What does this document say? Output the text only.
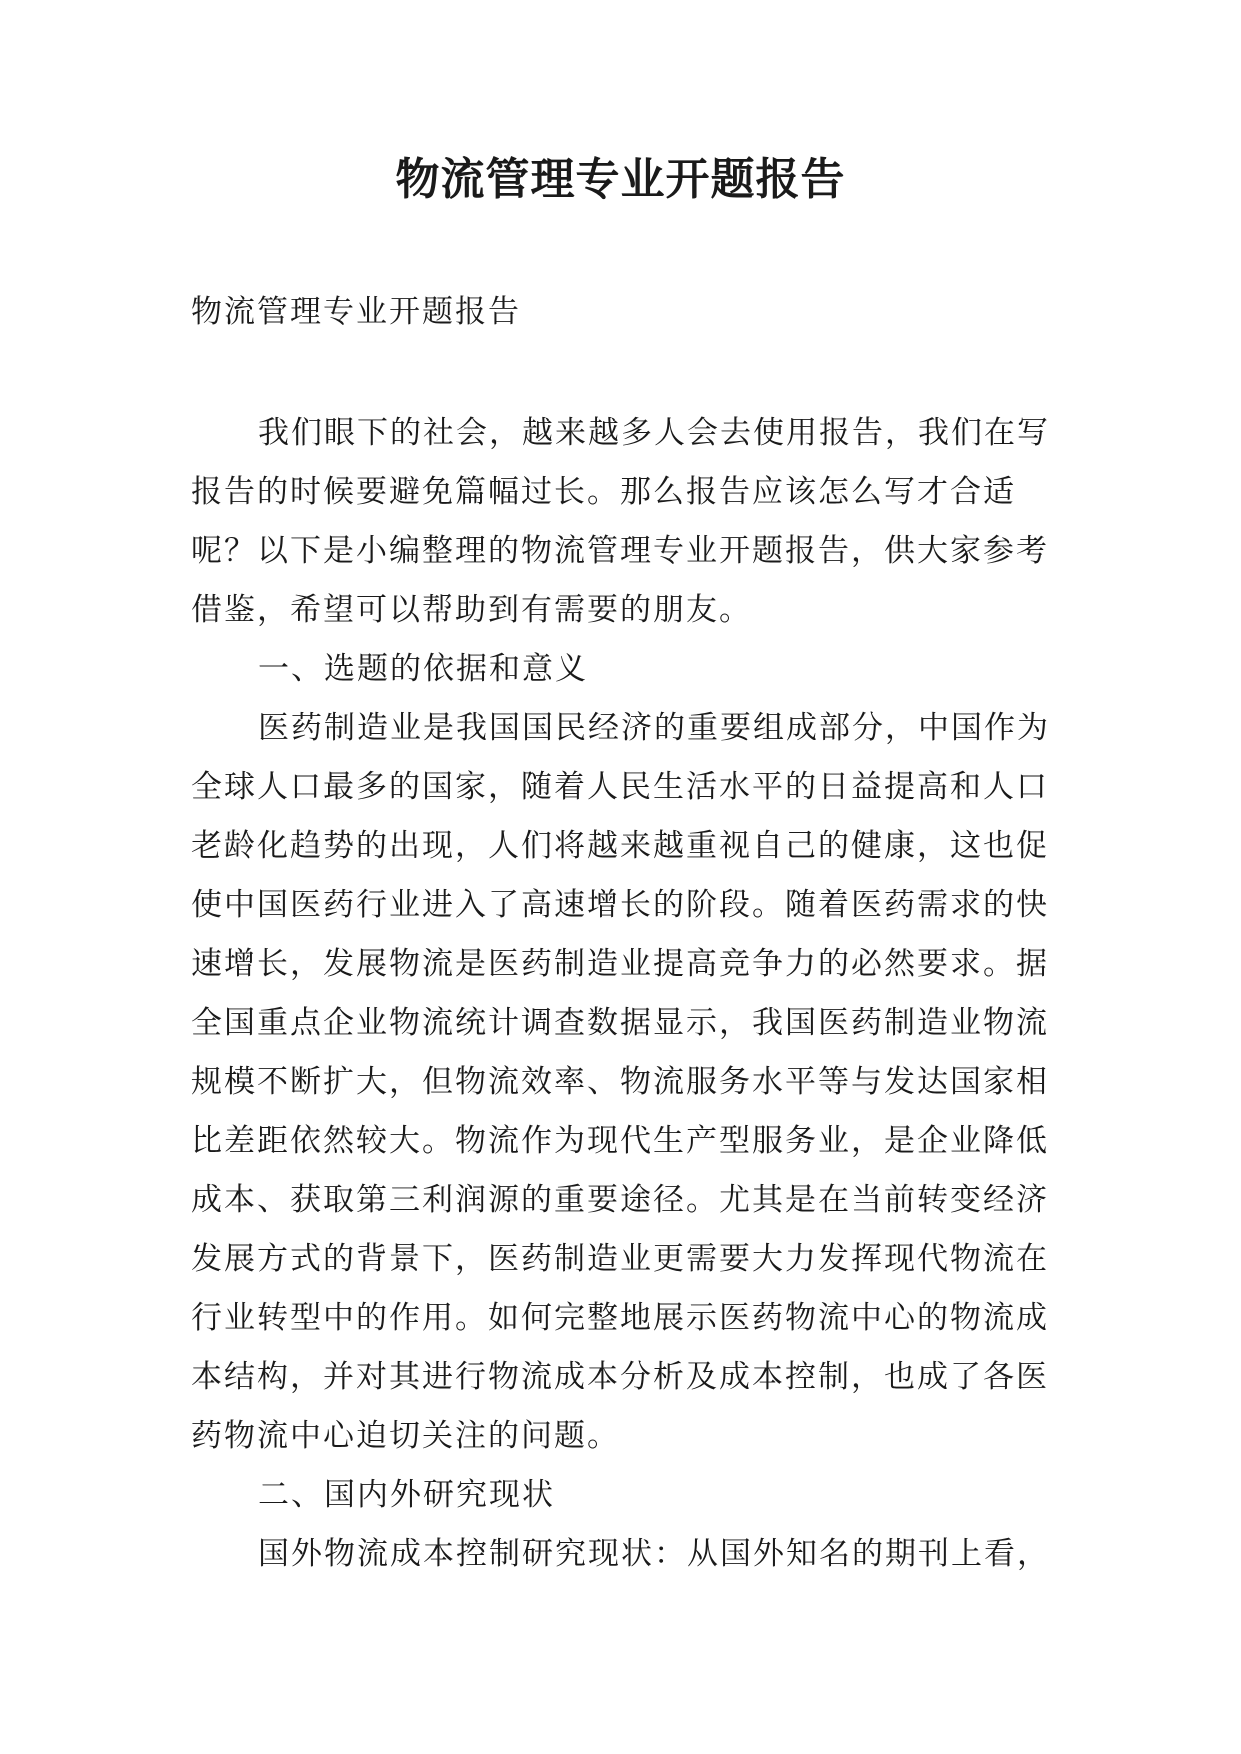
物流管理专业开题报告
物流管理专业开题报告
我们眼下的社会，越来越多人会去使用报告，我们在写
报告的时候要避免篇幅过长。那么报告应该怎么写才合适
呢？以下是小编整理的物流管理专业开题报告，供大家参考
借鉴，希望可以帮助到有需要的朋友。
一、选题的依据和意义
医药制造业是我国国民经济的重要组成部分，中国作为
全球人口最多的国家，随着人民生活水平的日益提高和人口
老龄化趋势的出现，人们将越来越重视自己的健康，这也促
使中国医药行业进入了高速增长的阶段。随着医药需求的快
速增长，发展物流是医药制造业提高竞争力的必然要求。据
全国重点企业物流统计调查数据显示，我国医药制造业物流
规模不断扩大，但物流效率、物流服务水平等与发达国家相
比差距依然较大。物流作为现代生产型服务业，是企业降低
成本、获取第三利润源的重要途径。尤其是在当前转变经济
发展方式的背景下，医药制造业更需要大力发挥现代物流在
行业转型中的作用。如何完整地展示医药物流中心的物流成
本结构，并对其进行物流成本分析及成本控制，也成了各医
药物流中心迫切关注的问题。
二、国内外研究现状
国外物流成本控制研究现状：从国外知名的期刊上看，
